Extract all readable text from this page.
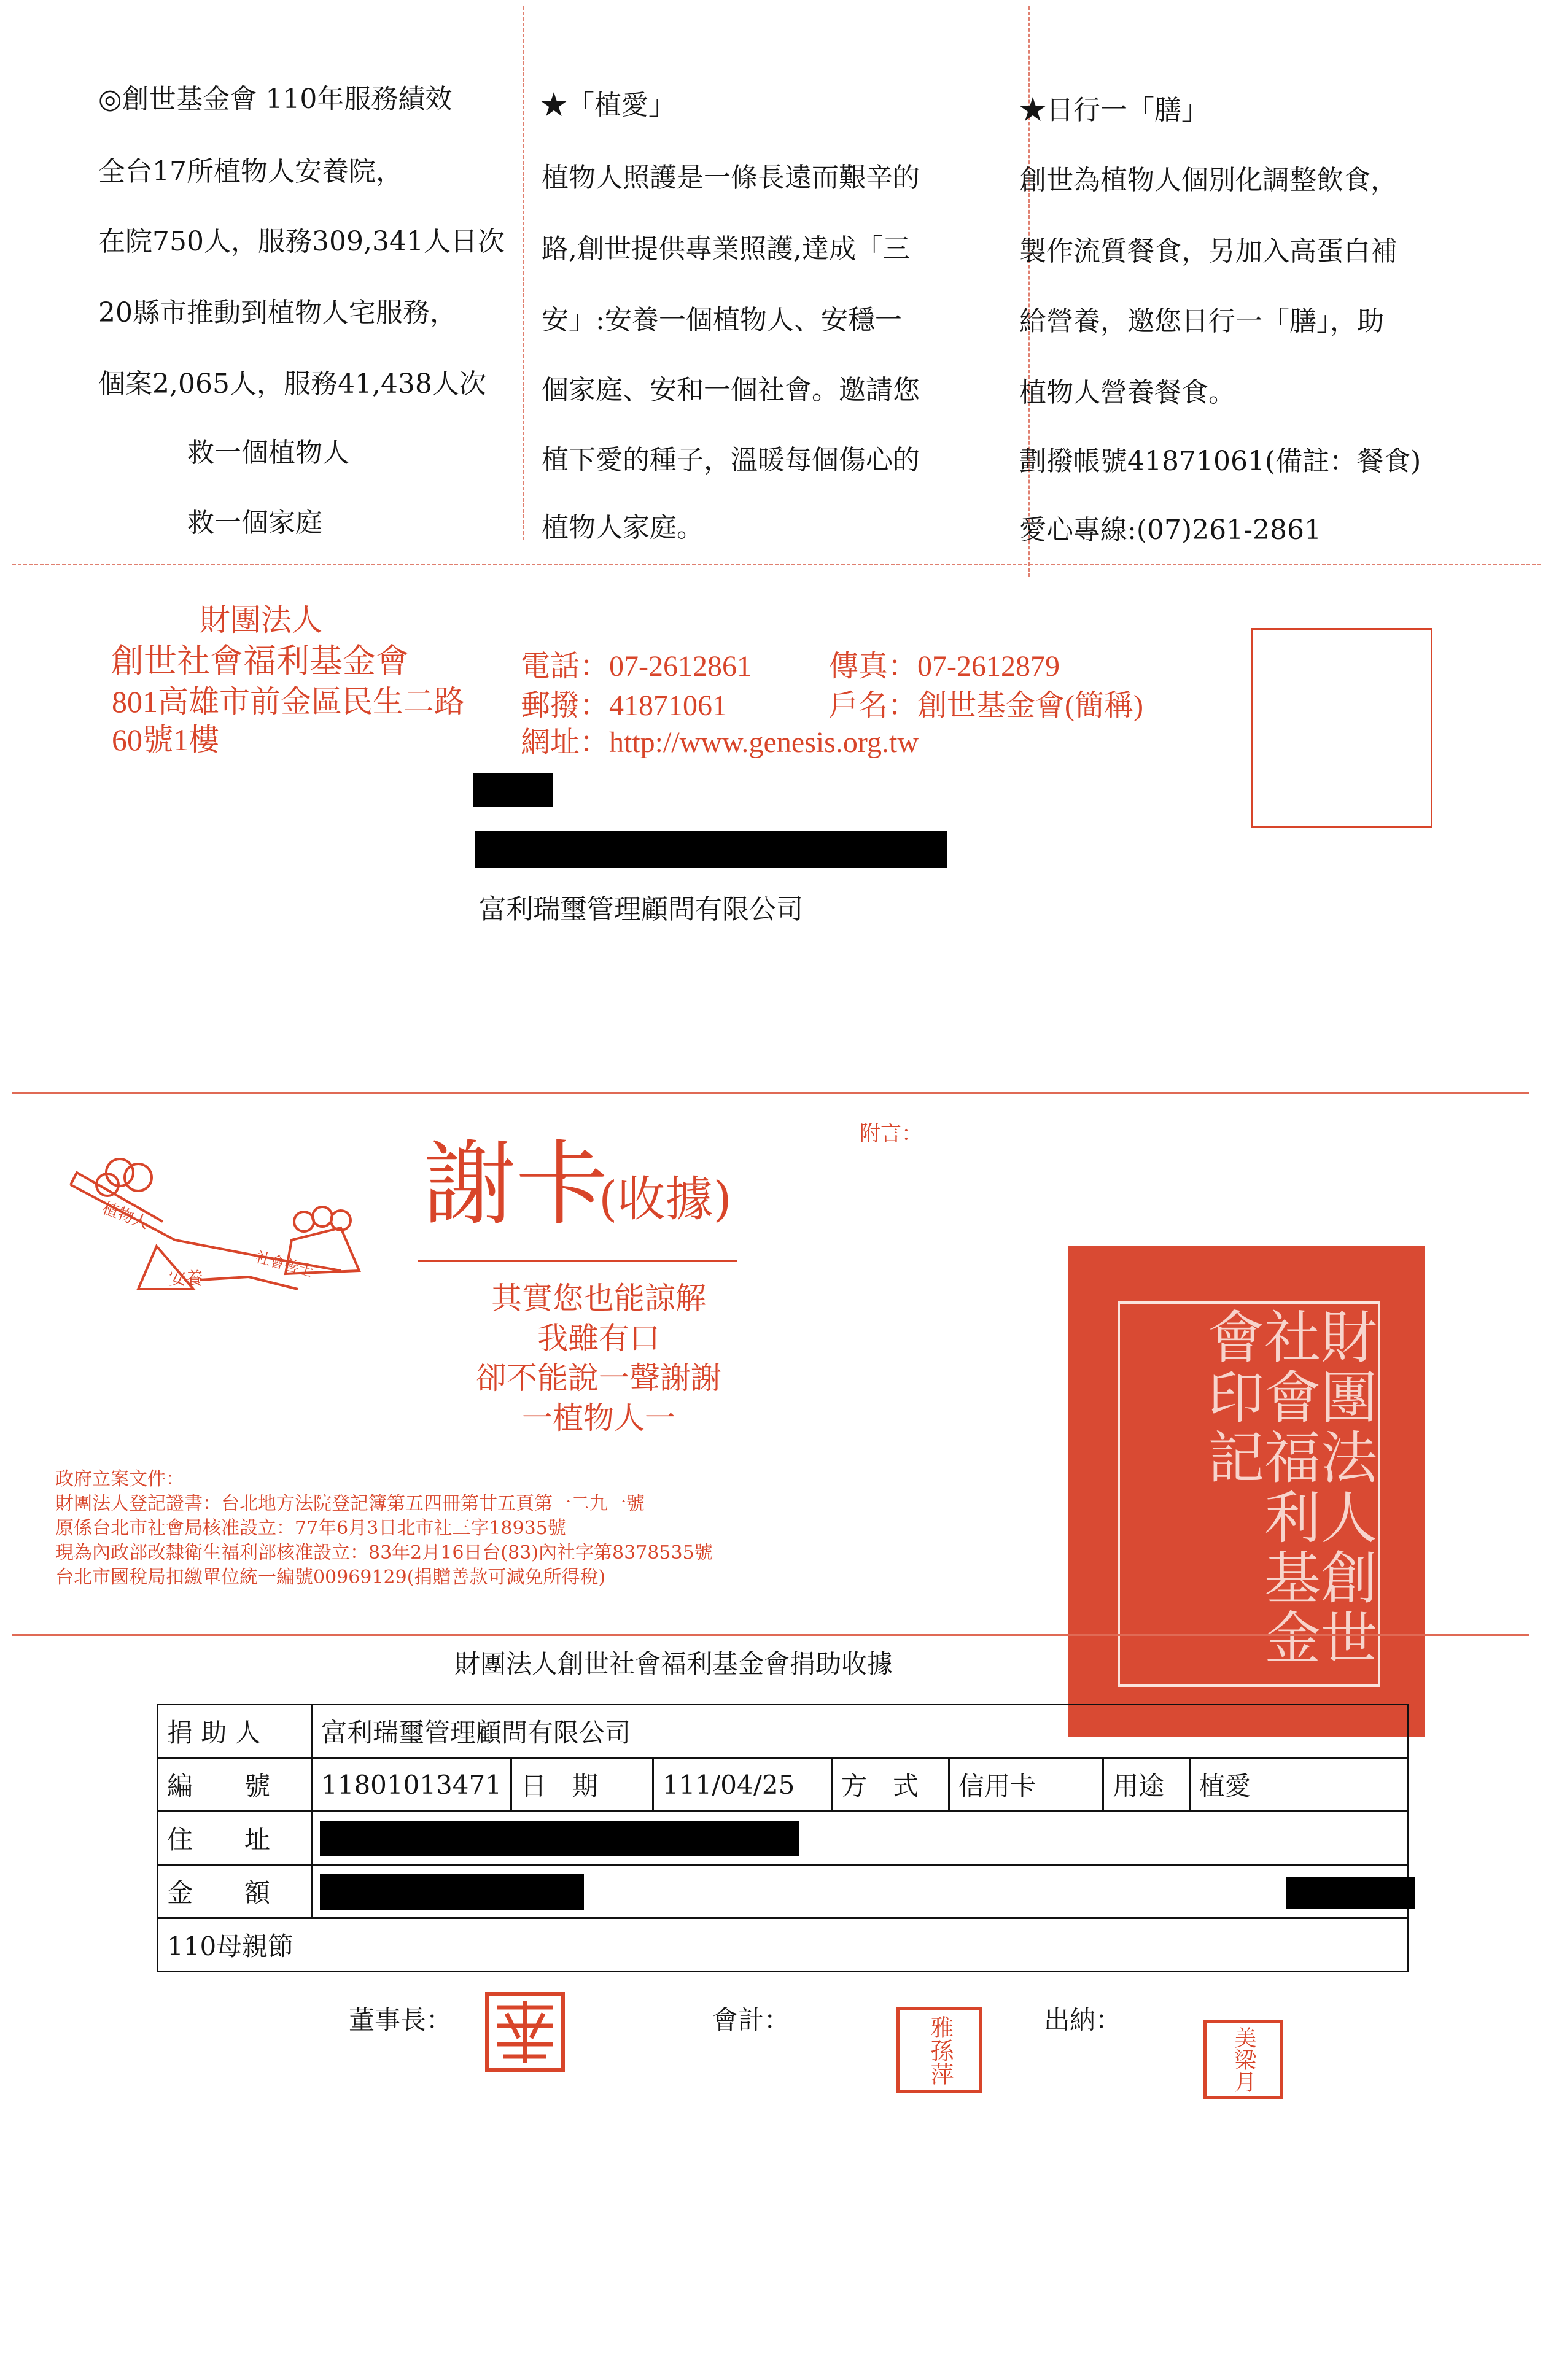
◎創世基金會 110年服務績效
全台17所植物人安養院，
在院750人，服務309,341人日次
20縣市推動到植物人宅服務，
個案2,065人，服務41,438人次
救一個植物人
救一個家庭
★「植愛」
植物人照護是一條長遠而艱辛的
路,創世提供專業照護,達成「三
安」:安養一個植物人、安穩一
個家庭、安和一個社會。邀請您
植下愛的種子，溫暖每個傷心的
植物人家庭。
★日行一「膳」
創世為植物人個別化調整飲食，
製作流質餐食，另加入高蛋白補
給營養，邀您日行一「膳」，助
植物人營養餐食。
劃撥帳號41871061(備註：餐食)
愛心專線:(07)261-2861
財團法人
創世社會福利基金會
801高雄市前金區民生二路
60號1樓
電話：07-2612861	傳真：07-2612879
郵撥：41871061	戶名：創世基金會(簡稱)
網址：http://www.genesis.org.tw
富利瑞璽管理顧問有限公司
附言：
植物人
安養	社會善士
謝卡
(收據)
其實您也能諒解
我雖有口
卻不能說一聲謝謝
一植物人一
政府立案文件：
財團法人登記證書：台北地方法院登記簿第五四冊第廿五頁第一二九一號
原係台北市社會局核准設立：77年6月3日北市社三字18935號
現為內政部改隸衛生福利部核准設立：83年2月16日台(83)內社字第8378535號
台北市國稅局扣繳單位統一編號00969129(捐贈善款可減免所得稅)	財團法人創世社會福利基金會印記
財團法人創世社會福利基金會捐助收據
捐 助 人	富利瑞璽管理顧問有限公司						
編　　號	11801013471	日　期	111/04/25	方　式	信用卡	用途	植愛
住　　址							

金　　額							

110母親節							
董事長：	會計：	雅孫萍	出納：
美梁月
